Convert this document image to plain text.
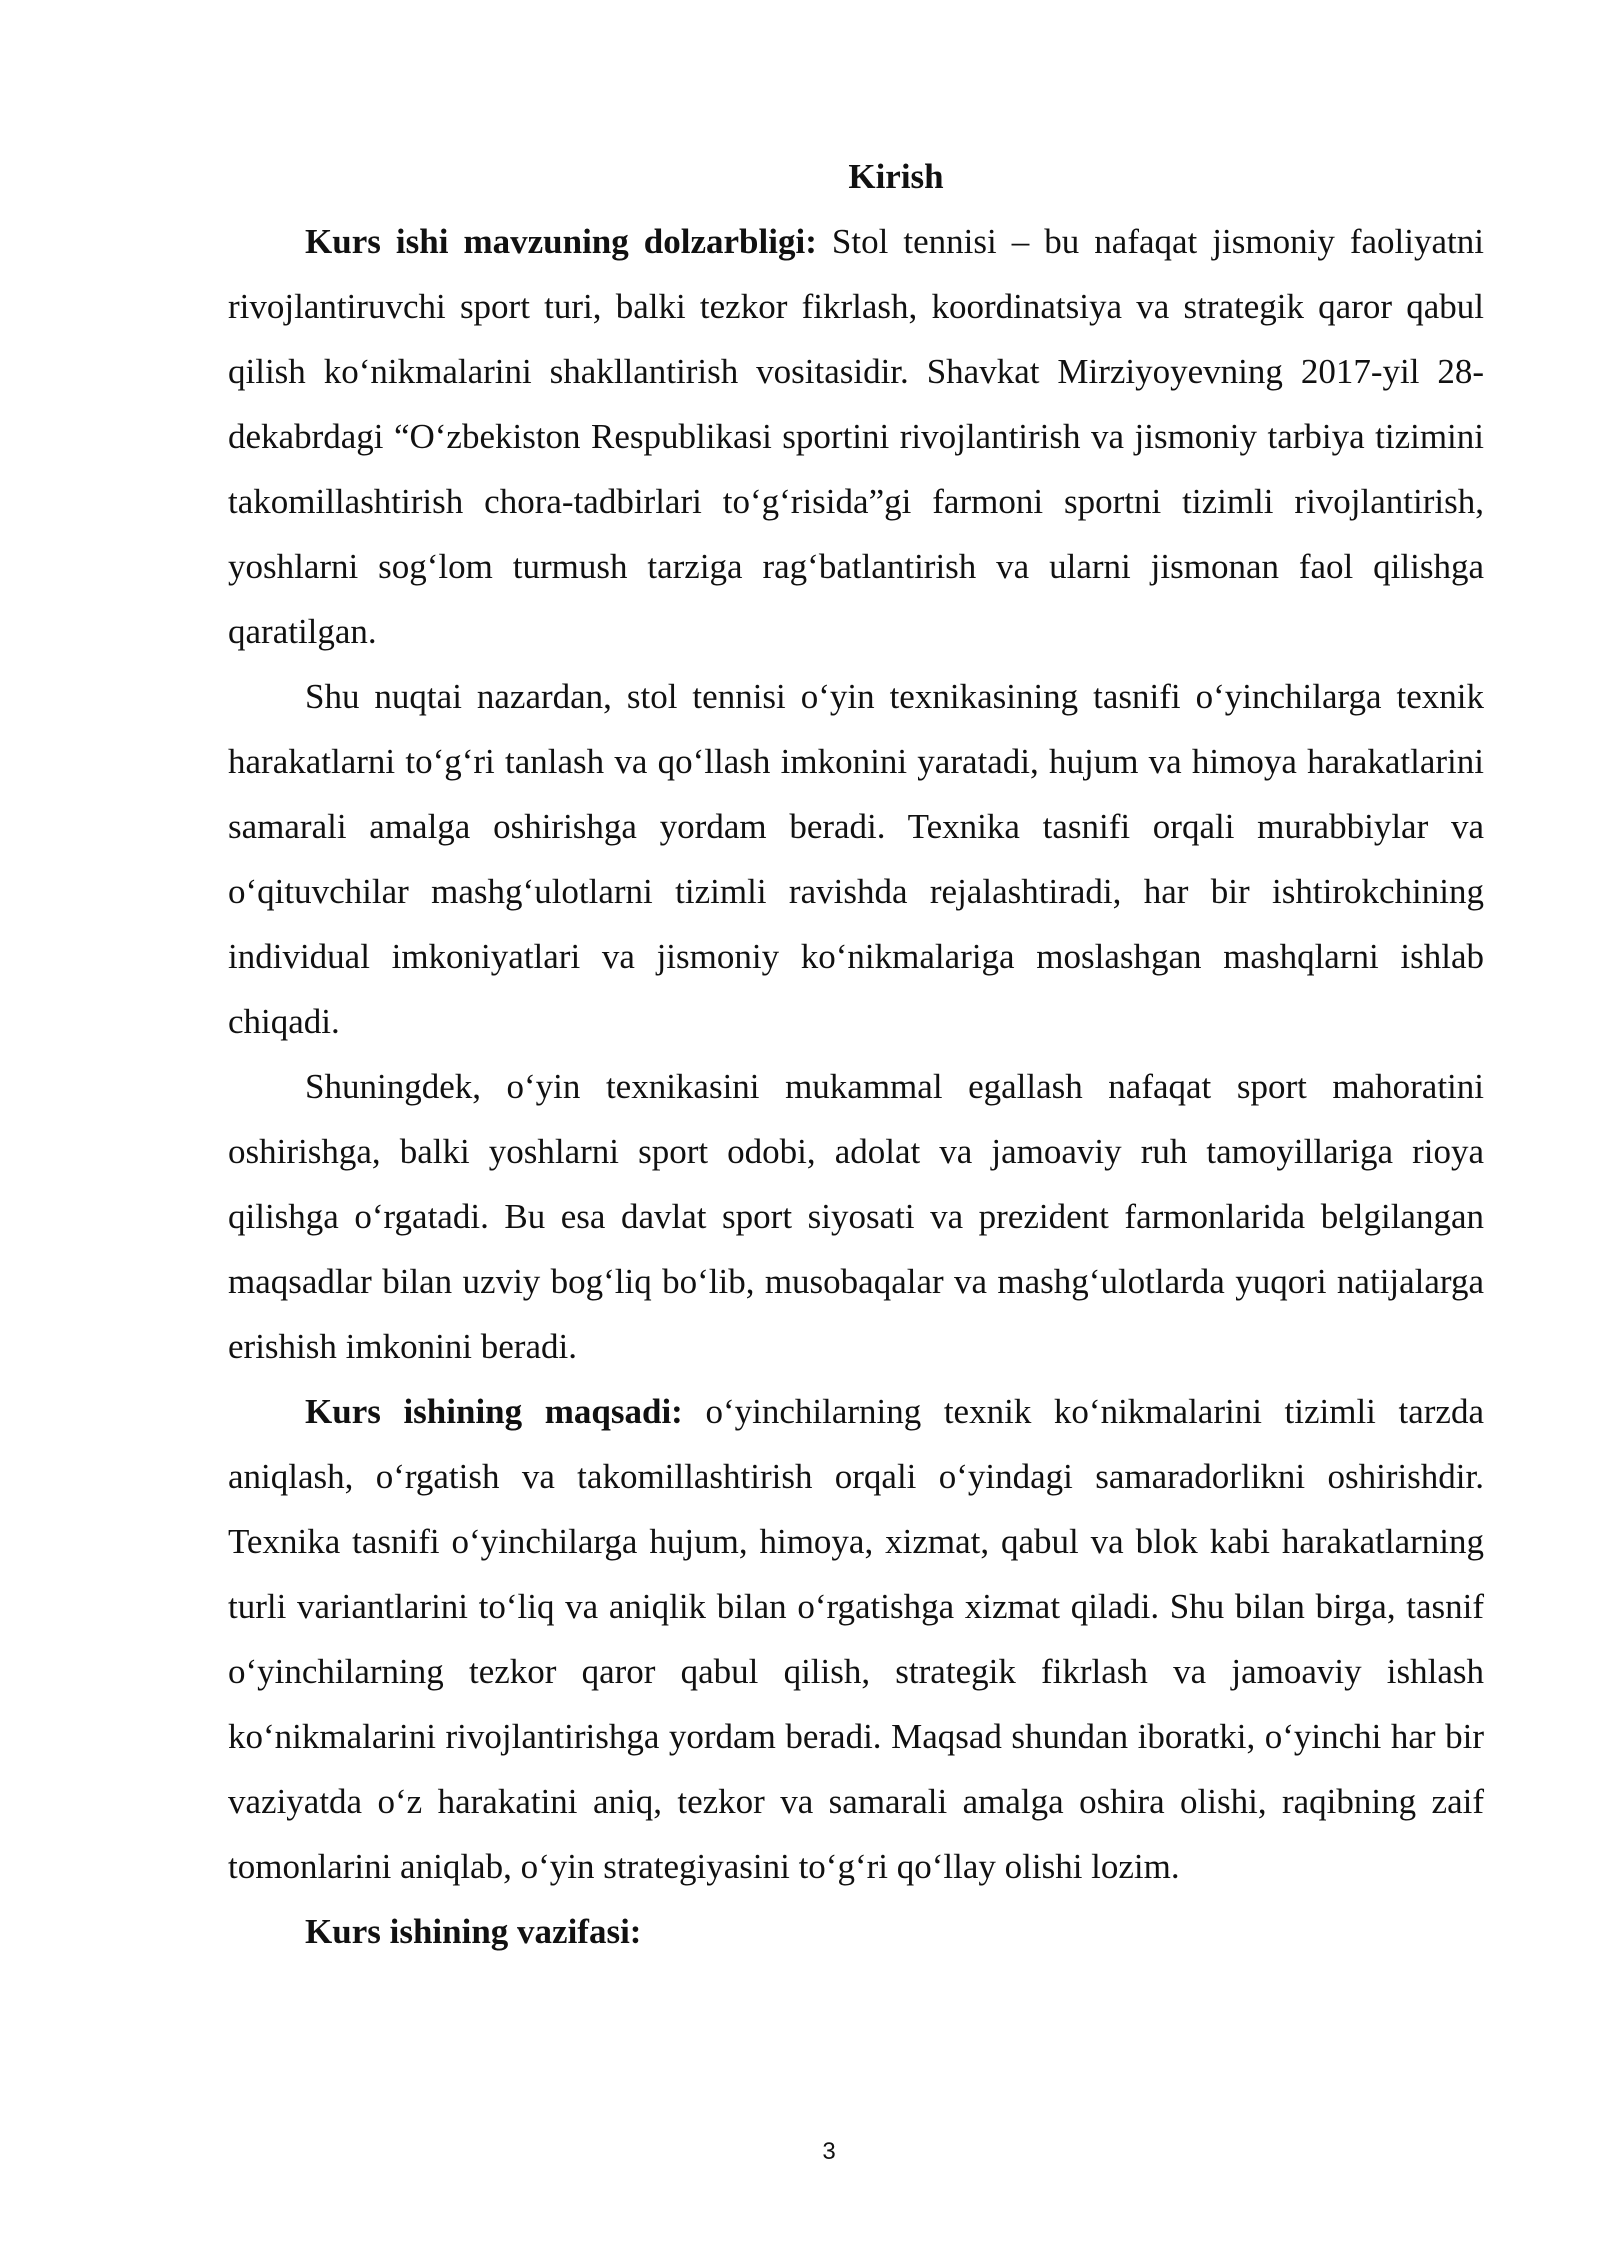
Kirish

Kurs ishi mavzuning dolzarbligi: Stol tennisi – bu nafaqat jismoniy faoliyatni rivojlantiruvchi sport turi, balki tezkor fikrlash, koordinatsiya va strategik qaror qabul qilish ko‘nikmalarini shakllantirish vositasidir. Shavkat Mirziyoyevning 2017-yil 28-dekabrdagi “O‘zbekiston Respublikasi sportini rivojlantirish va jismoniy tarbiya tizimini takomillashtirish chora-tadbirlari to‘g‘risida”gi farmoni sportni tizimli rivojlantirish, yoshlarni sog‘lom turmush tarziga rag‘batlantirish va ularni jismonan faol qilishga qaratilgan.

Shu nuqtai nazardan, stol tennisi o‘yin texnikasining tasnifi o‘yinchilarga texnik harakatlarni to‘g‘ri tanlash va qo‘llash imkonini yaratadi, hujum va himoya harakatlarini samarali amalga oshirishga yordam beradi. Texnika tasnifi orqali murabbiylar va o‘qituvchilar mashg‘ulotlarni tizimli ravishda rejalashtiradi, har bir ishtirokchining individual imkoniyatlari va jismoniy ko‘nikmalariga moslashgan mashqlarni ishlab chiqadi.

Shuningdek, o‘yin texnikasini mukammal egallash nafaqat sport mahoratini oshirishga, balki yoshlarni sport odobi, adolat va jamoaviy ruh tamoyillariga rioya qilishga o‘rgatadi. Bu esa davlat sport siyosati va prezident farmonlarida belgilangan maqsadlar bilan uzviy bog‘liq bo‘lib, musobaqalar va mashg‘ulotlarda yuqori natijalarga erishish imkonini beradi.

Kurs ishining maqsadi: o‘yinchilarning texnik ko‘nikmalarini tizimli tarzda aniqlash, o‘rgatish va takomillashtirish orqali o‘yindagi samaradorlikni oshirishdir. Texnika tasnifi o‘yinchilarga hujum, himoya, xizmat, qabul va blok kabi harakatlarning turli variantlarini to‘liq va aniqlik bilan o‘rgatishga xizmat qiladi. Shu bilan birga, tasnif o‘yinchilarning tezkor qaror qabul qilish, strategik fikrlash va jamoaviy ishlash ko‘nikmalarini rivojlantirishga yordam beradi. Maqsad shundan iboratki, o‘yinchi har bir vaziyatda o‘z harakatini aniq, tezkor va samarali amalga oshira olishi, raqibning zaif tomonlarini aniqlab, o‘yin strategiyasini to‘g‘ri qo‘llay olishi lozim.

Kurs ishining vazifasi:

3
